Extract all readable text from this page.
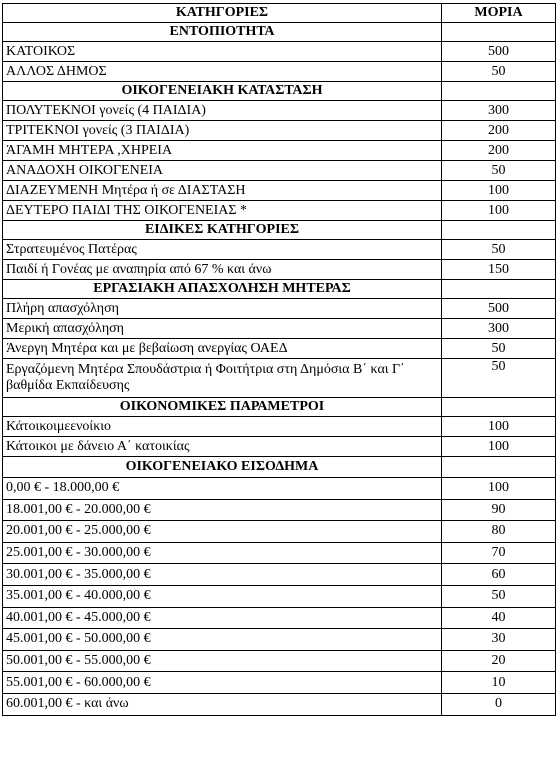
ΚΑΤΗΓΟΡΙΕΣ	ΜΟΡΙΑ
ΕΝΤΟΠΙΟΤΗΤΑ	
ΚΑΤΟΙΚΟΣ	500
ΑΛΛΟΣ ΔΗΜΟΣ	50
ΟΙΚΟΓΕΝΕΙΑΚΗ ΚΑΤΑΣΤΑΣΗ	
ΠΟΛΥΤΕΚΝΟΙ γονείς (4 ΠΑΙΔΙΑ)	300
ΤΡΙΤΕΚΝΟΙ γονείς (3 ΠΑΙΔΙΑ)	200
ΆΓΑΜΗ ΜΗΤΕΡΑ ,ΧΗΡΕΙΑ	200
ΑΝΑΔΟΧΗ ΟΙΚΟΓΕΝΕΙΑ	50
ΔΙΑΖΕΥΜΕΝΗ Μητέρα ή σε ΔΙΑΣΤΑΣΗ	100
ΔΕΥΤΕΡΟ ΠΑΙΔΙ ΤΗΣ ΟΙΚΟΓΕΝΕΙΑΣ *	100
ΕΙΔΙΚΕΣ ΚΑΤΗΓΟΡΙΕΣ	
Στρατευμένος Πατέρας	50
Παιδί ή Γονέας με αναπηρία από 67 % και άνω	150
ΕΡΓΑΣΙΑΚΗ ΑΠΑΣΧΟΛΗΣΗ ΜΗΤΕΡΑΣ	
Πλήρη απασχόληση	500
Μερική απασχόληση	300
Άνεργη Μητέρα και με βεβαίωση ανεργίας ΟΑΕΔ	50
Εργαζόμενη Μητέρα Σπουδάστρια ή Φοιτήτρια στη Δημόσια Β΄ και Γ΄ βαθμίδα Εκπαίδευσης	50
ΟΙΚΟΝΟΜΙΚΕΣ ΠΑΡΑΜΕΤΡΟΙ	
Κάτοικοιμεενοίκιο	100
Κάτοικοι με δάνειο Α΄ κατοικίας	100
ΟΙΚΟΓΕΝΕΙΑΚΟ ΕΙΣΟΔΗΜΑ	
0,00 € - 18.000,00 €	100
18.001,00 € - 20.000,00 €	90
20.001,00 € - 25.000,00 €	80
25.001,00 € - 30.000,00 €	70
30.001,00 € - 35.000,00 €	60
35.001,00 € - 40.000,00 €	50
40.001,00 € - 45.000,00 €	40
45.001,00 € - 50.000,00 €	30
50.001,00 € - 55.000,00 €	20
55.001,00 € - 60.000,00 €	10
60.001,00 € - και άνω	0
